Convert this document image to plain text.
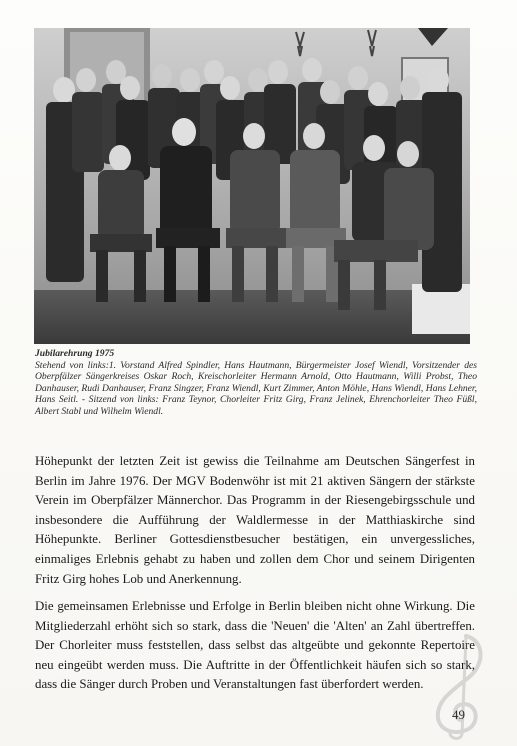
Jubilarehrung 1975
Stehend von links:1. Vorstand Alfred Spindler, Hans Hautmann, Bürgermeister Josef Wiendl, Vorsitzender des Oberpfälzer Sängerkreises Oskar Roch, Kreischorleiter Hermann Arnold, Otto Hautmann, Willi Probst, Theo Danhauser, Rudi Danhauser, Franz Singzer, Franz Wiendl, Kurt Zimmer, Anton Möhle, Hans Wiendl, Hans Lehner, Hans Seitl. - Sitzend von links: Franz Teynor, Chorleiter Fritz Girg, Franz Jelinek, Ehrenchorleiter Theo Füßl, Albert Stabl und Wilhelm Wiendl.
Höhepunkt der letzten Zeit ist gewiss die Teilnahme am Deutschen Sängerfest in Berlin im Jahre 1976. Der MGV Bodenwöhr ist mit 21 aktiven Sängern der stärkste Verein im Oberpfälzer Männerchor. Das Programm in der Riesengebirgsschule und insbesondere die Aufführung der Waldlermesse in der Matthiaskirche sind Höhepunkte. Berliner Gottesdienstbesucher bestätigen, ein unvergessliches, einmaliges Erlebnis gehabt zu haben und zollen dem Chor und seinem Dirigenten Fritz Girg hohes Lob und Anerkennung.
Die gemeinsamen Erlebnisse und Erfolge in Berlin bleiben nicht ohne Wirkung. Die Mitgliederzahl erhöht sich so stark, dass die 'Neuen' die 'Alten' an Zahl übertreffen. Der Chorleiter muss feststellen, dass selbst das altgeübte und gekonnte Repertoire neu eingeübt werden muss. Die Auftritte in der Öffentlichkeit häufen sich so stark, dass die Sänger durch Proben und Veranstaltungen fast überfordert werden.
49
